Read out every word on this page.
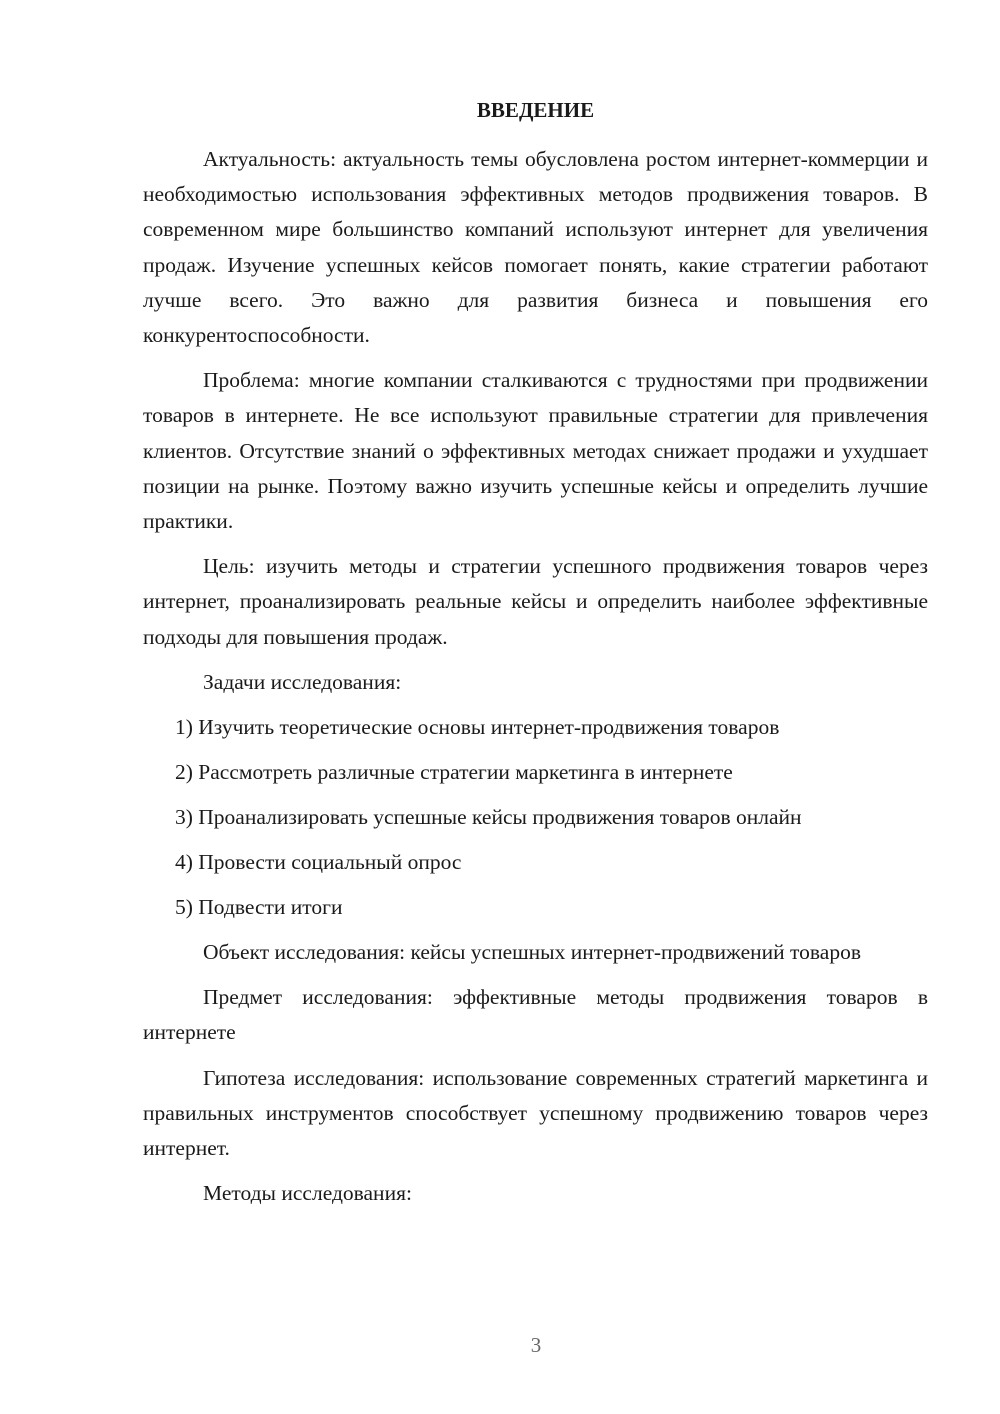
ВВЕДЕНИЕ

Актуальность: актуальность темы обусловлена ростом интернет-коммерции и необходимостью использования эффективных методов продвижения товаров. В современном мире большинство компаний используют интернет для увеличения продаж. Изучение успешных кейсов помогает понять, какие стратегии работают лучше всего. Это важно для развития бизнеса и повышения его конкурентоспособности.

Проблема: многие компании сталкиваются с трудностями при продвижении товаров в интернете. Не все используют правильные стратегии для привлечения клиентов. Отсутствие знаний о эффективных методах снижает продажи и ухудшает позиции на рынке. Поэтому важно изучить успешные кейсы и определить лучшие практики.

Цель: изучить методы и стратегии успешного продвижения товаров через интернет, проанализировать реальные кейсы и определить наиболее эффективные подходы для повышения продаж.

Задачи исследования:

1) Изучить теоретические основы интернет-продвижения товаров
2) Рассмотреть различные стратегии маркетинга в интернете
3) Проанализировать успешные кейсы продвижения товаров онлайн
4) Провести социальный опрос
5) Подвести итоги

Объект исследования: кейсы успешных интернет-продвижений товаров

Предмет исследования: эффективные методы продвижения товаров в интернете

Гипотеза исследования: использование современных стратегий маркетинга и правильных инструментов способствует успешному продвижению товаров через интернет.

Методы исследования:

3
